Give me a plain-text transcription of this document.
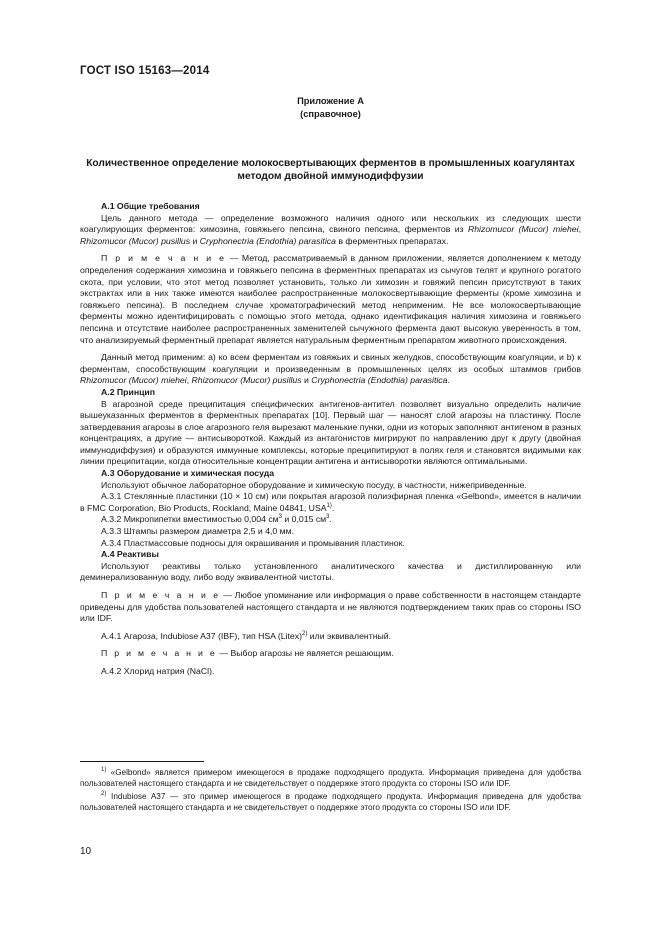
ГОСТ ISO 15163—2014
Приложение А
(справочное)
Количественное определение молокосвертывающих ферментов в промышленных коагулянтах
методом двойной иммунодиффузии

А.1 Общие требования

Цель данного метода — определение возможного наличия одного или нескольких из следующих шести коагулирующих ферментов: химозина, говяжьего пепсина, свиного пепсина, ферментов из Rhizomucor (Mucor) miehei, Rhizomucor (Mucor) pusillus и Cryphonectria (Endothia) parasitica в ферментных препаратах.

П р и м е ч а н и е — Метод, рассматриваемый в данном приложении, является дополнением к методу определения содержания химозина и говяжьего пепсина в ферментных препаратах из сычугов телят и крупного рогатого скота, при условии, что этот метод позволяет установить, только ли химозин и говяжий пепсин присутствуют в таких экстрактах или в них также имеются наиболее распространенные молокосвертывающие ферменты (кроме химозина и говяжьего пепсина). В последнем случае хроматографический метод неприменим. Не все молокосвертывающие ферменты можно идентифицировать с помощью этого метода, однако идентификация наличия химозина и говяжьего пепсина и отсутствие наиболее распространенных заменителей сычужного фермента дают высокую уверенность в том, что анализируемый ферментный препарат является натуральным ферментным препаратом животного происхождения.

Данный метод применим: а) ко всем ферментам из говяжьих и свиных желудков, способствующим коагуляции, и b) к ферментам, способствующим коагуляции и произведенным в промышленных целях из особых штаммов грибов Rhizomucor (Mucor) miehei, Rhizomucor (Mucor) pusillus и Cryphonectria (Endothia) parasitica.

А.2 Принцип

В агарозной среде преципитация специфических антигенов-антител позволяет визуально определить наличие вышеуказанных ферментов в ферментных препаратах [10]. Первый шаг — наносят слой агарозы на пластинку. После затвердевания агарозы в слое агарозного геля вырезают маленькие пунки, одни из которых заполняют антигеном в разных концентрациях, а другие — антисывороткой. Каждый из антагонистов мигрируют по направлению друг к другу (двойная иммунодиффузия) и образуются иммунные комплексы, которые преципитируют в полях геля и становятся видимыми как линии преципитации, когда относительные концентрации антигена и антисыворотки являются оптимальными.

А.3 Оборудование и химическая посуда

Используют обычное лабораторное оборудование и химическую посуду, в частности, нижеприведенные.

А.3.1 Стеклянные пластинки (10 × 10 см) или покрытая агарозой полиэфирная пленка «Gelbond», имеется в наличии в FMC Corporation, Bio Products, Rockland, Maine 04841, USA$^{1)}$.

А.3.2 Микропипетки вместимостью 0,004 $см^3$ и 0,015 $см^3$.

А.3.3 Штампы размером диаметра 2,5 и 4,0 мм.

А.3.4 Пластмассовые подносы для окрашивания и промывания пластинок.

А.4 Реактивы

Используют реактивы только установленного аналитического качества и дистиллированную или деминерализованную воду, либо воду эквивалентной чистоты.

П р и м е ч а н и е — Любое упоминание или информация о праве собственности в настоящем стандарте приведены для удобства пользователей настоящего стандарта и не являются подтверждением таких прав со стороны ISO или IDF.

А.4.1 Агароза, Indubiose A37 (IBF), тип HSA (Litex)$^{2)}$ или эквивалентный.

П р и м е ч а н и е — Выбор агарозы не является решающим.

А.4.2 Хлорид натрия (NaCl).

$^{1)}$ «Gelbond» является примером имеющегося в продаже подходящего продукта. Информация приведена для удобства пользователей настоящего стандарта и не свидетельствует о поддержке этого продукта со стороны ISO или IDF.

$^{2)}$ Indubiose A37 — это пример имеющегося в продаже подходящего продукта. Информация приведена для удобства пользователей настоящего стандарта и не свидетельствует о поддержке этого продукта со стороны ISO или IDF.

10
